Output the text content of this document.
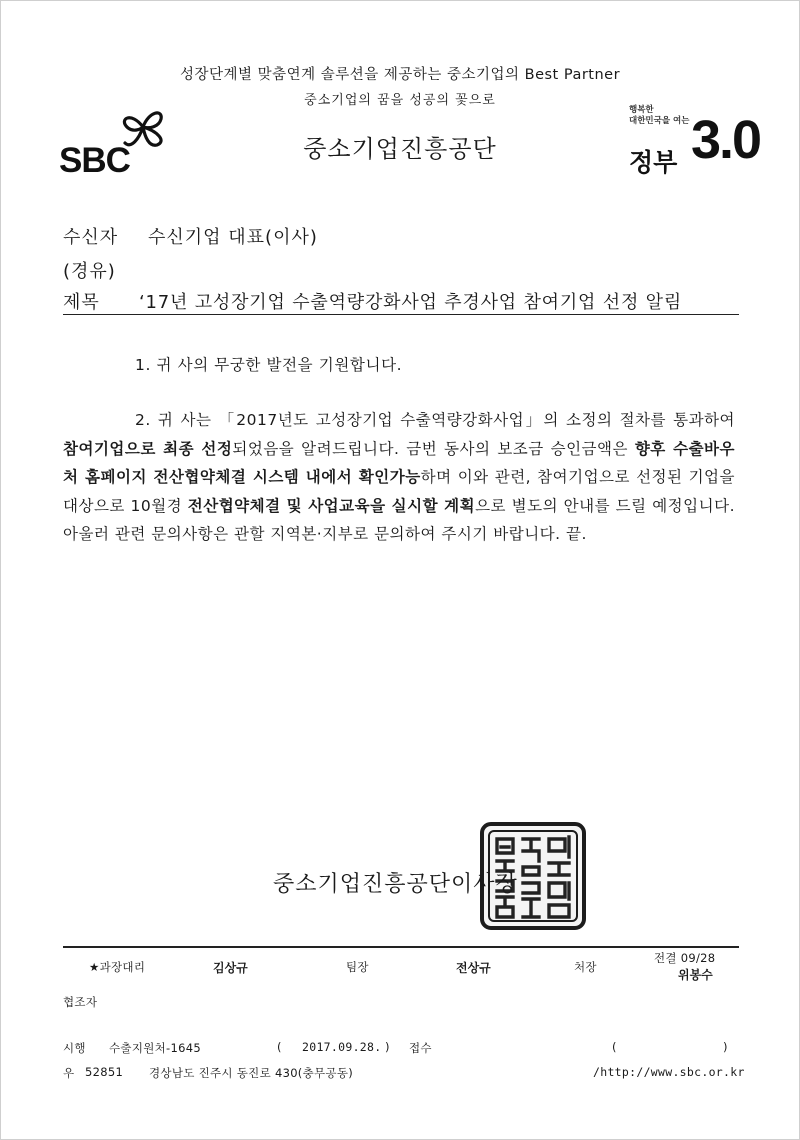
성장단계별 맞춤연계 솔루션을 제공하는 중소기업의 Best Partner
중소기업의 꿈을 성공의 꽃으로
SBC	중소기업진흥공단
행복한
대한민국을 여는
정부 3.0
수신자 수신기업 대표(이사)
(경유)
제목 ‘17년 고성장기업 수출역량강화사업 추경사업 참여기업 선정 알림
1. 귀 사의 무궁한 발전을 기원합니다.
2. 귀 사는 「2017년도 고성장기업 수출역량강화사업」의 소정의 절차를 통과하여 참여기업으로 최종 선정되었음을 알려드립니다. 금번 동사의 보조금 승인금액은 향후 수출바우처 홈페이지 전산협약체결 시스템 내에서 확인가능하며 이와 관련, 참여기업으로 선정된 기업을 대상으로 10월경 전산협약체결 및 사업교육을 실시할 계획으로 별도의 안내를 드릴 예정입니다. 아울러 관련 문의사항은 관할 지역본·지부로 문의하여 주시기 바랍니다. 끝.
중소기업진흥공단이사장
★과장대리	김상규	팀장	전상규	처장
전결 09/28
위봉수
협조자
시행 수출지원처-1645	( 2017.09.28. ) 접수	(	)
우 52851 경상남도 진주시 동진로 430(충무공동)	/http://www.sbc.or.kr
